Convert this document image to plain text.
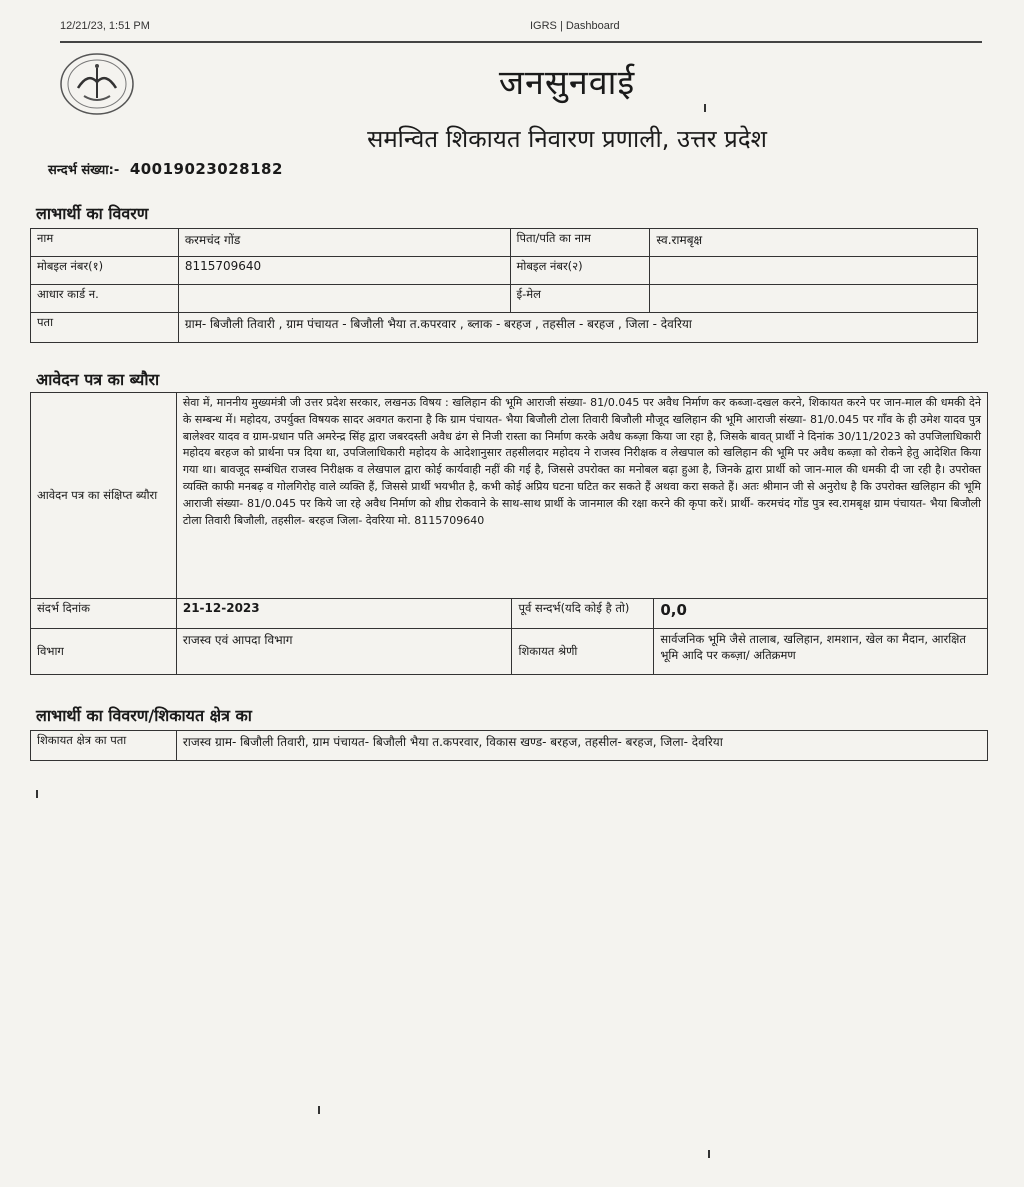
12/21/23, 1:51 PM	IGRS | Dashboard
जनसुनवाई
समन्वित शिकायत निवारण प्रणाली, उत्तर प्रदेश
सन्दर्भ संख्या:- 40019023028182
लाभार्थी का विवरण
नाम	करमचंद गोंड	पिता/पति का नाम	स्व.रामबृक्ष
मोबइल नंबर(१)	8115709640	मोबइल नंबर(२)	
आधार कार्ड न.		ई-मेल	
पता	ग्राम- बिजौली तिवारी , ग्राम पंचायत - बिजौली भैया त.कपरवार , ब्लाक - बरहज , तहसील - बरहज , जिला - देवरिया		
आवेदन पत्र का ब्यौरा
आवेदन पत्र का संक्षिप्त ब्यौरा	सेवा में, माननीय मुख्यमंत्री जी उत्तर प्रदेश सरकार, लखनऊ विषय : खलिहान की भूमि आराजी संख्या- 81/0.045 पर अवैध निर्माण कर कब्जा-दखल करने, शिकायत करने पर जान-माल की धमकी देने के सम्बन्ध में। महोदय, उपर्युक्त विषयक सादर अवगत कराना है कि ग्राम पंचायत- भैया बिजौली टोला तिवारी बिजौली मौजूद खलिहान की भूमि आराजी संख्या- 81/0.045 पर गाँव के ही उमेश यादव पुत्र बालेश्वर यादव व ग्राम-प्रधान पति अमरेन्द्र सिंह द्वारा जबरदस्ती अवैध ढंग से निजी रास्ता का निर्माण करके अवैध कब्ज़ा किया जा रहा है, जिसके बावत् प्रार्थी ने दिनांक 30/11/2023 को उपजिलाधिकारी महोदय बरहज को प्रार्थना पत्र दिया था, उपजिलाधिकारी महोदय के आदेशानुसार तहसीलदार महोदय ने राजस्व निरीक्षक व लेखपाल को खलिहान की भूमि पर अवैध कब्ज़ा को रोकने हेतु आदेशित किया गया था। बावजूद सम्बंधित राजस्व निरीक्षक व लेखपाल द्वारा कोई कार्यवाही नहीं की गई है, जिससे उपरोक्त का मनोबल बढ़ा हुआ है, जिनके द्वारा प्रार्थी को जान-माल की धमकी दी जा रही है। उपरोक्त व्यक्ति काफी मनबढ़ व गोलगिरोह वाले व्यक्ति हैं, जिससे प्रार्थी भयभीत है, कभी कोई अप्रिय घटना घटित कर सकते हैं अथवा करा सकते हैं। अतः श्रीमान जी से अनुरोध है कि उपरोक्त खलिहान की भूमि आराजी संख्या- 81/0.045 पर किये जा रहे अवैध निर्माण को शीघ्र रोकवाने के साथ-साथ प्रार्थी के जानमाल की रक्षा करने की कृपा करें। प्रार्थी- करमचंद गोंड पुत्र स्व.रामबृक्ष ग्राम पंचायत- भैया बिजौली टोला तिवारी बिजौली, तहसील- बरहज जिला- देवरिया मो. 8115709640		
संदर्भ दिनांक	21-12-2023	पूर्व सन्दर्भ(यदि कोई है तो)	0,0
विभाग	राजस्व एवं आपदा विभाग	शिकायत श्रेणी	सार्वजनिक भूमि जैसे तालाब, खलिहान, शमशान, खेल का मैदान, आरक्षित भूमि आदि पर कब्ज़ा/ अतिक्रमण
लाभार्थी का विवरण/शिकायत क्षेत्र का
शिकायत क्षेत्र का पता	राजस्व ग्राम- बिजौली तिवारी, ग्राम पंचायत- बिजौली भैया त.कपरवार, विकास खण्ड- बरहज, तहसील- बरहज, जिला- देवरिया
